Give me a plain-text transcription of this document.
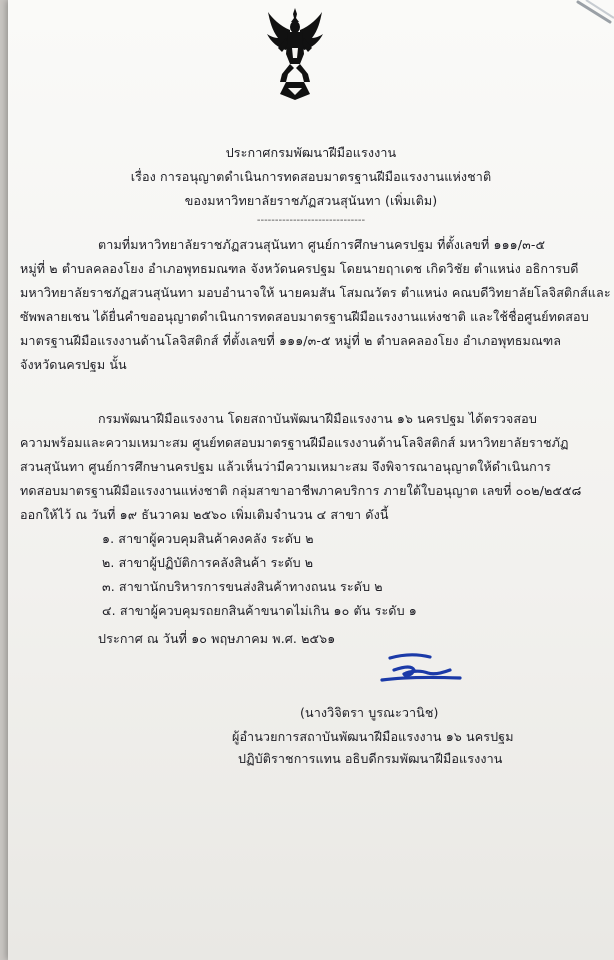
ประกาศกรมพัฒนาฝีมือแรงงาน
เรื่อง การอนุญาตดำเนินการทดสอบมาตรฐานฝีมือแรงงานแห่งชาติ
ของมหาวิทยาลัยราชภัฏสวนสุนันทา (เพิ่มเติม)
------------------------------
ตามที่มหาวิทยาลัยราชภัฏสวนสุนันทา ศูนย์การศึกษานครปฐม ที่ตั้งเลขที่ ๑๑๑/๓-๕
หมู่ที่ ๒ ตำบลคลองโยง อำเภอพุทธมณฑล จังหวัดนครปฐม โดยนายฤาเดช เกิดวิชัย ตำแหน่ง อธิการบดี
มหาวิทยาลัยราชภัฏสวนสุนันทา มอบอำนาจให้ นายคมสัน โสมณวัตร ตำแหน่ง คณบดีวิทยาลัยโลจิสติกส์และ
ซัพพลายเชน ได้ยื่นคำขออนุญาตดำเนินการทดสอบมาตรฐานฝีมือแรงงานแห่งชาติ และใช้ชื่อศูนย์ทดสอบ
มาตรฐานฝีมือแรงงานด้านโลจิสติกส์ ที่ตั้งเลขที่ ๑๑๑/๓-๕ หมู่ที่ ๒ ตำบลคลองโยง อำเภอพุทธมณฑล
จังหวัดนครปฐม นั้น
กรมพัฒนาฝีมือแรงงาน โดยสถาบันพัฒนาฝีมือแรงงาน ๑๖ นครปฐม ได้ตรวจสอบ
ความพร้อมและความเหมาะสม ศูนย์ทดสอบมาตรฐานฝีมือแรงงานด้านโลจิสติกส์ มหาวิทยาลัยราชภัฏ
สวนสุนันทา ศูนย์การศึกษานครปฐม แล้วเห็นว่ามีความเหมาะสม จึงพิจารณาอนุญาตให้ดำเนินการ
ทดสอบมาตรฐานฝีมือแรงงานแห่งชาติ กลุ่มสาขาอาชีพภาคบริการ ภายใต้ใบอนุญาต เลขที่ ๐๐๒/๒๕๕๘
ออกให้ไว้ ณ วันที่ ๑๙ ธันวาคม ๒๕๖๐ เพิ่มเติมจำนวน ๔ สาขา ดังนี้
๑. สาขาผู้ควบคุมสินค้าคงคลัง ระดับ ๒
๒. สาขาผู้ปฏิบัติการคลังสินค้า ระดับ ๒
๓. สาขานักบริหารการขนส่งสินค้าทางถนน ระดับ ๒
๔. สาขาผู้ควบคุมรถยกสินค้าขนาดไม่เกิน ๑๐ ตัน ระดับ ๑
ประกาศ ณ วันที่ ๑๐ พฤษภาคม พ.ศ. ๒๕๖๑
(นางวิจิตรา บูรณะวานิช)
ผู้อำนวยการสถาบันพัฒนาฝีมือแรงงาน ๑๖ นครปฐม
ปฏิบัติราชการแทน อธิบดีกรมพัฒนาฝีมือแรงงาน
